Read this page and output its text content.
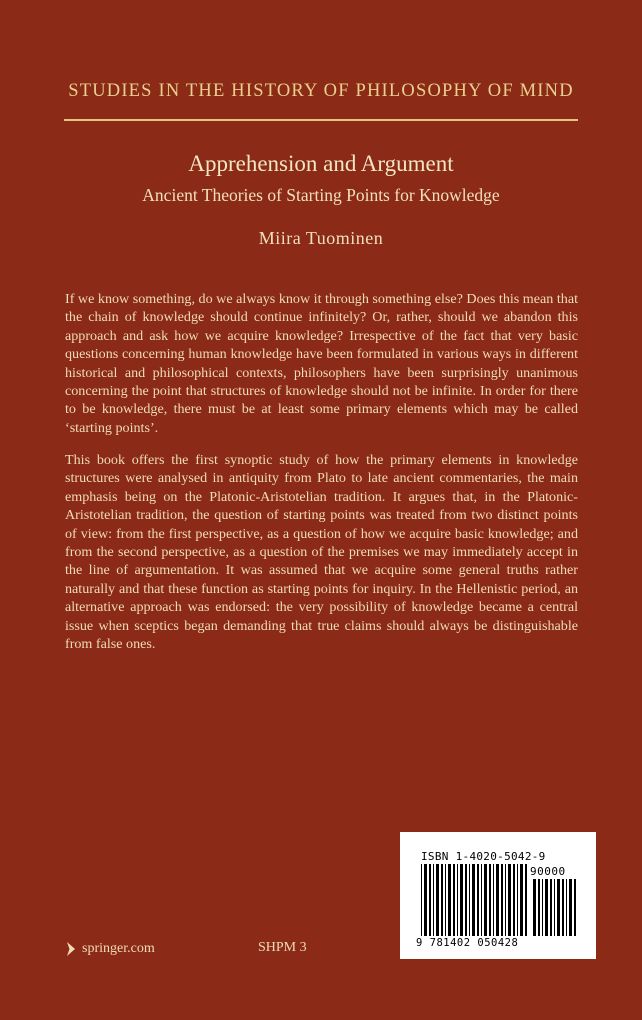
STUDIES IN THE HISTORY OF PHILOSOPHY OF MIND
Apprehension and Argument
Ancient Theories of Starting Points for Knowledge
Miira Tuominen
If we know something, do we always know it through something else? Does this mean that the chain of knowledge should continue infinitely? Or, rather, should we abandon this approach and ask how we acquire knowledge? Irrespective of the fact that very basic questions concerning human knowledge have been formulated in various ways in different historical and philosophical contexts, philosophers have been surprisingly unanimous concerning the point that structures of knowledge should not be infinite. In order for there to be knowledge, there must be at least some primary elements which may be called ‘starting points’.
This book offers the first synoptic study of how the primary elements in knowledge structures were analysed in antiquity from Plato to late ancient commentaries, the main emphasis being on the Platonic-Aristotelian tradition. It argues that, in the Platonic-Aristotelian tradition, the question of starting points was treated from two distinct points of view: from the first perspective, as a question of how we acquire basic knowledge; and from the second perspective, as a question of the premises we may immediately accept in the line of argumentation. It was assumed that we acquire some general truths rather naturally and that these function as starting points for inquiry. In the Hellenistic period, an alternative approach was endorsed: the very possibility of knowledge became a central issue when sceptics began demanding that true claims should always be distinguishable from false ones.
springer.com	SHPM 3
ISBN 1-4020-5042-9
90000
9 781402 050428
